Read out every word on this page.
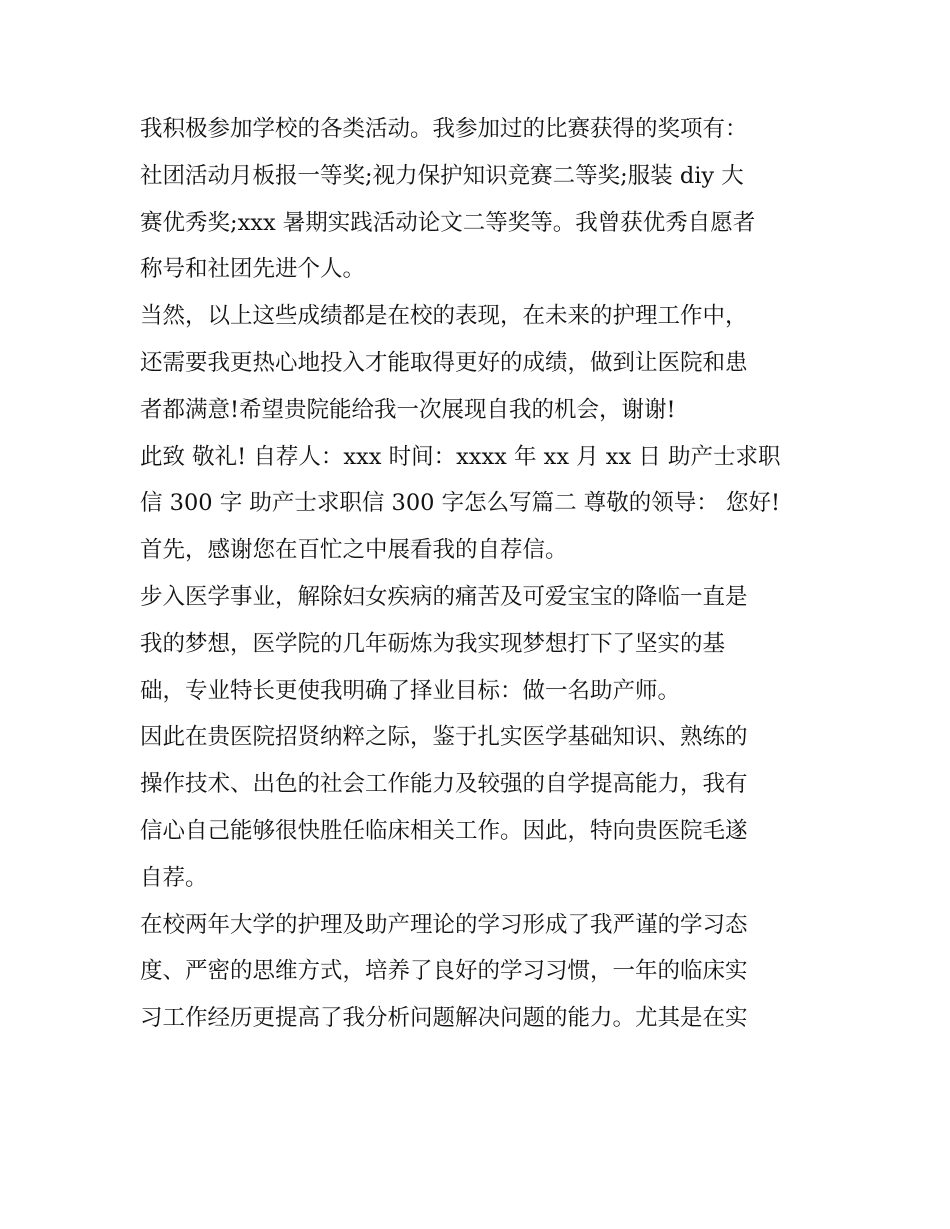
我积极参加学校的各类活动。我参加过的比赛获得的奖项有：
社团活动月板报一等奖;视力保护知识竞赛二等奖;服装 diy 大
赛优秀奖;xxx 暑期实践活动论文二等奖等。我曾获优秀自愿者
称号和社团先进个人。
当然，以上这些成绩都是在校的表现，在未来的护理工作中，
还需要我更热心地投入才能取得更好的成绩，做到让医院和患
者都满意!希望贵院能给我一次展现自我的机会，谢谢!
此致 敬礼! 自荐人：xxx 时间：xxxx 年 xx 月 xx 日 助产士求职
信 300 字 助产士求职信 300 字怎么写篇二 尊敬的领导： 您好!
首先，感谢您在百忙之中展看我的自荐信。
步入医学事业，解除妇女疾病的痛苦及可爱宝宝的降临一直是
我的梦想，医学院的几年砺炼为我实现梦想打下了坚实的基
础，专业特长更使我明确了择业目标：做一名助产师。
因此在贵医院招贤纳粹之际，鉴于扎实医学基础知识、熟练的
操作技术、出色的社会工作能力及较强的自学提高能力，我有
信心自己能够很快胜任临床相关工作。因此，特向贵医院毛遂
自荐。
在校两年大学的护理及助产理论的学习形成了我严谨的学习态
度、严密的思维方式，培养了良好的学习习惯，一年的临床实
习工作经历更提高了我分析问题解决问题的能力。尤其是在实
